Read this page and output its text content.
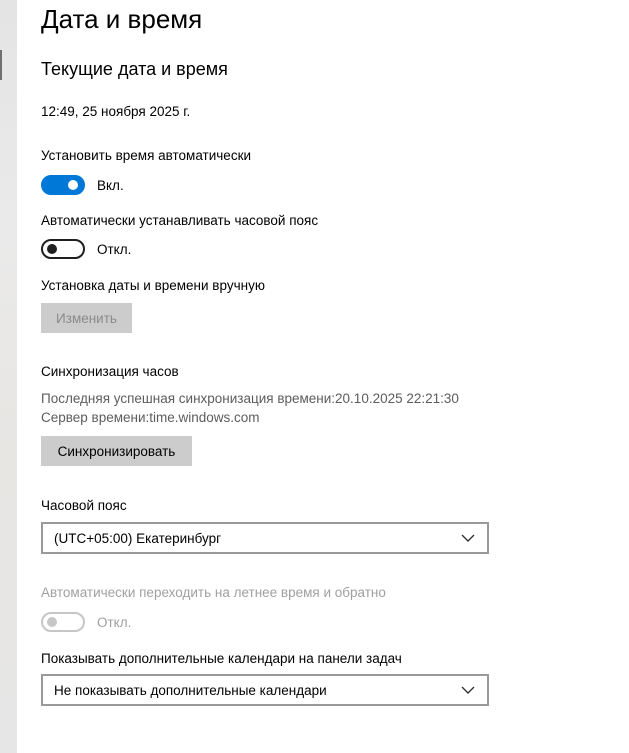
Дата и время
Текущие дата и время
12:49, 25 ноября 2025 г.
Установить время автоматически
Вкл.
Автоматически устанавливать часовой пояс
Откл.
Установка даты и времени вручную
Изменить
Синхронизация часов
Последняя успешная синхронизация времени:20.10.2025 22:21:30
Сервер времени:time.windows.com
Синхронизировать
Часовой пояс
(UTC+05:00) Екатеринбург
Автоматически переходить на летнее время и обратно
Откл.
Показывать дополнительные календари на панели задач
Не показывать дополнительные календари
